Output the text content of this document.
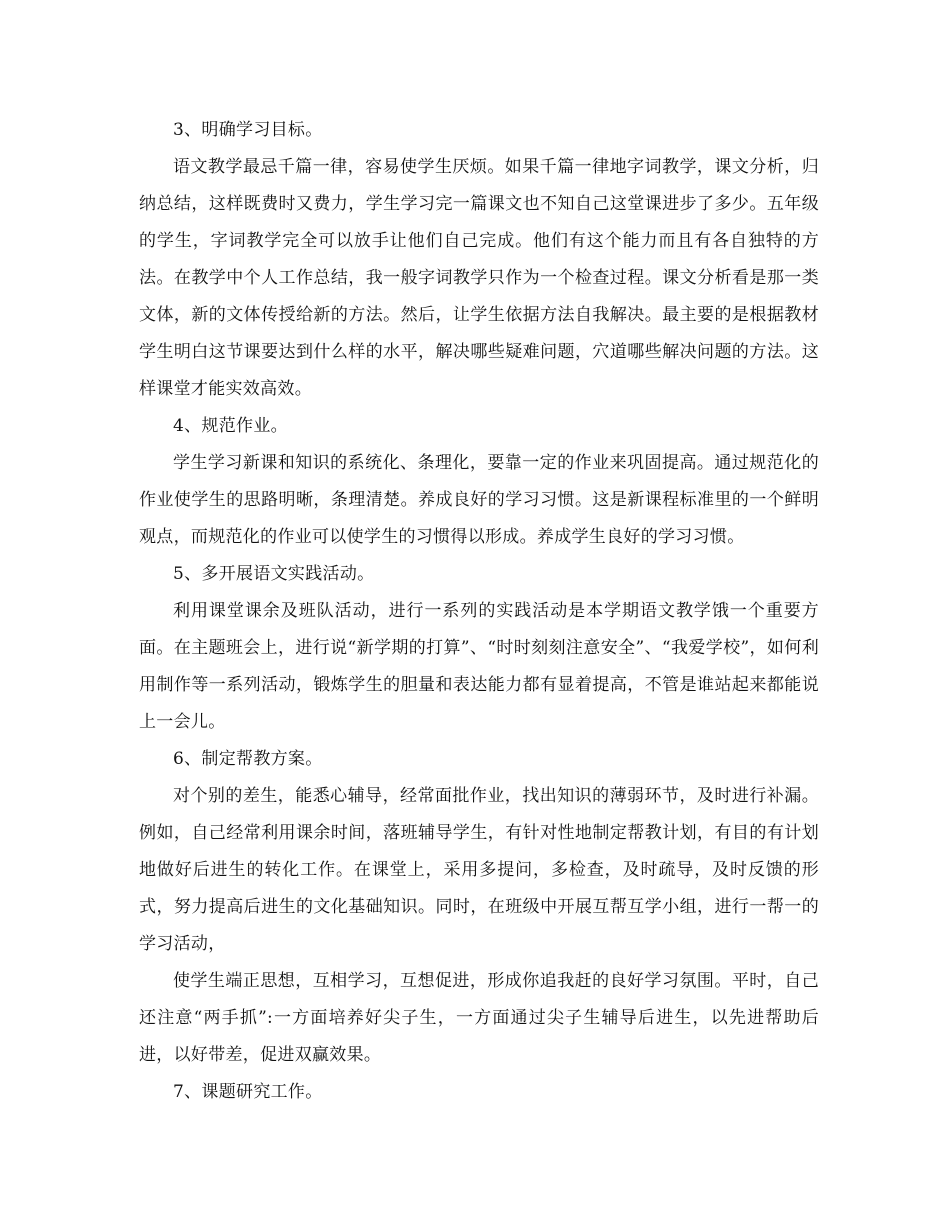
3、明确学习目标。

语文教学最忌千篇一律，容易使学生厌烦。如果千篇一律地字词教学，课文分析，归纳总结，这样既费时又费力，学生学习完一篇课文也不知自己这堂课进步了多少。五年级的学生，字词教学完全可以放手让他们自己完成。他们有这个能力而且有各自独特的方法。在教学中个人工作总结，我一般字词教学只作为一个检查过程。课文分析看是那一类文体，新的文体传授给新的方法。然后，让学生依据方法自我解决。最主要的是根据教材学生明白这节课要达到什么样的水平，解决哪些疑难问题，穴道哪些解决问题的方法。这样课堂才能实效高效。

4、规范作业。

学生学习新课和知识的系统化、条理化，要靠一定的作业来巩固提高。通过规范化的作业使学生的思路明晰，条理清楚。养成良好的学习习惯。这是新课程标准里的一个鲜明观点，而规范化的作业可以使学生的习惯得以形成。养成学生良好的学习习惯。

5、多开展语文实践活动。

利用课堂课余及班队活动，进行一系列的实践活动是本学期语文教学饿一个重要方面。在主题班会上，进行说“新学期的打算”、“时时刻刻注意安全”、“我爱学校”，如何利用制作等一系列活动，锻炼学生的胆量和表达能力都有显着提高，不管是谁站起来都能说上一会儿。

6、制定帮教方案。

对个别的差生，能悉心辅导，经常面批作业，找出知识的薄弱环节，及时进行补漏。例如，自己经常利用课余时间，落班辅导学生，有针对性地制定帮教计划，有目的有计划地做好后进生的转化工作。在课堂上，采用多提问，多检查，及时疏导，及时反馈的形式，努力提高后进生的文化基础知识。同时，在班级中开展互帮互学小组，进行一帮一的学习活动，

使学生端正思想，互相学习，互想促进，形成你追我赶的良好学习氛围。平时，自己还注意“两手抓”:一方面培养好尖子生，一方面通过尖子生辅导后进生，以先进帮助后进，以好带差，促进双赢效果。

7、课题研究工作。
